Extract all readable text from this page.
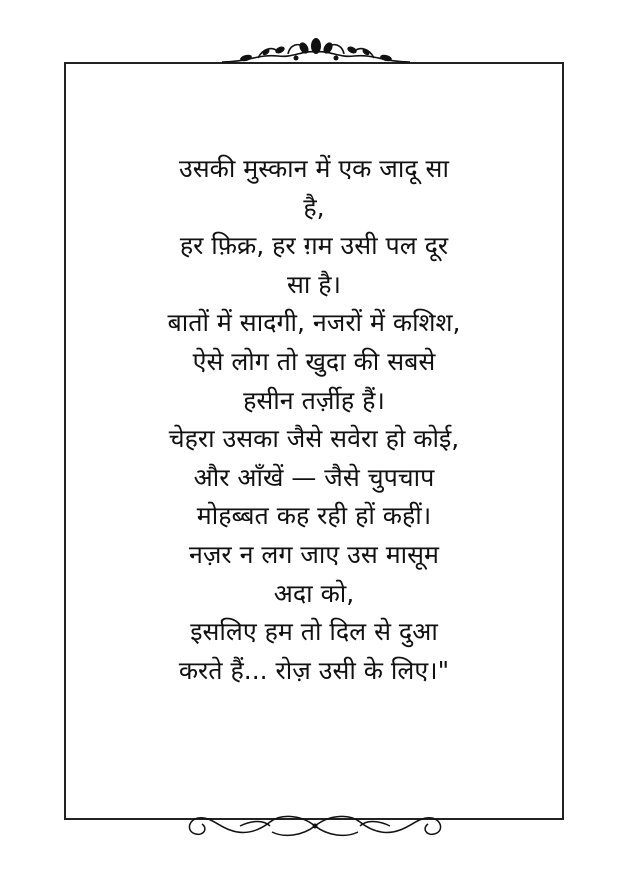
उसकी मुस्कान में एक जादू सा
है,
हर फ़िक्र, हर ग़म उसी पल दूर
सा है।
बातों में सादगी, नजरों में कशिश,
ऐसे लोग तो खुदा की सबसे
हसीन तर्ज़ीह हैं।
चेहरा उसका जैसे सवेरा हो कोई,
और आँखें — जैसे चुपचाप
मोहब्बत कह रही हों कहीं।
नज़र न लग जाए उस मासूम
अदा को,
इसलिए हम तो दिल से दुआ
करते हैं... रोज़ उसी के लिए।"
